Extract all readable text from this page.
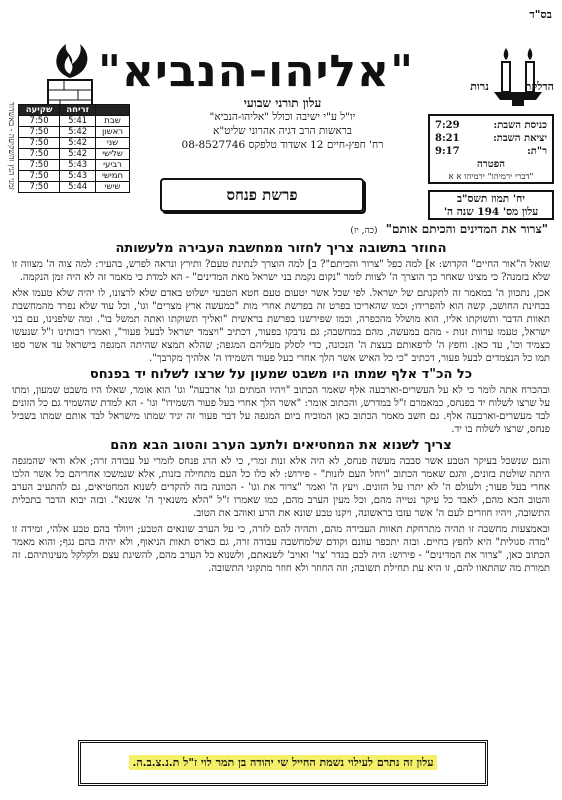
בס"ד
"אליהו-הנביא"	הדלקת נרות
עלון תורני שבועי
יו"ל ע"י ישיבה וכולל "אליהו-הנביא"
בראשות הרב דגיה אהרוני שליט"א
רח' חפץ-חיים 12 אשדוד טלפקס 08-8527746
כניסת השבת:
7:29
יציאת השבת:
8:21
ר"ת:
9:17
הפטרה
"דברי ירמיהו" ירמיהו א א
יח' תמוז תשס"ב
עלון מס' 194 שנה ה'
זמני הנץ והשקיעה - באשדוד
		זריחה	שקיעה
שבת	5:41	7:50
ראשון	5:42	7:50
שני	5:42	7:50
שלישי	5:42	7:50
רביעי	5:43	7:50
חמישי	5:43	7:50
שישי	5:44	7:50	פרשת פנחס
"צרור את המדינים והכיתם אותם" (כה, יז)
החוזר בתשובה צריך לחזור ממחשבת העבירה מלעשותה

שואל ה"אור החיים" הקדוש: א] למה כפל "צרור והכיתם"? ב] למה הוצרך לנתינת טעם? ותירץ ונראה לפרש, בהעיר: למה צוה ה' מצווה זו שלא בזמנה? כי מצינו שאחר כך הוצרך ה' לצוות לומר "נקום נקמת בני ישראל מאת המדינים" - הא למדת כי מאמר זה לא היה זמן הנקמה.

אכן, נתכוון ה' במאמר זה לתקנתם של ישראל. לפי שכל אשר יטעום טעם חטא הטבעי ישלוט באדם שלא לרצונו, לו יהיה שלא טעמו אלא בבחינת החושב, קשה הוא להפרידו; וכמו שהאריכו בפרט זה בפרשת אחרי מות "כמעשה ארץ מצרים" וגו', וכל עוד שלא נפרד מהמחשבת תאוות הדבר ותשוקתו אליו, הוא מושלל מהכפרה, וכמו שפירשנו בפרשת בראשית "ואליך תשוקתו ואתה תמשל בו". ומה שלפנינו, עם בני ישראל, טעמו ערוות זנות - מהם במעשה, מהם במחשבה; גם נדבקו בפעור, דכתיב "ויצמד ישראל לבעל פעור", ואמרו רבותינו ז"ל שנעשו כצמיד וכו', עד כאן. וחפץ ה' לרפאותם בעצת ה' הנכונה, כדי לסלק מעליהם המגפה; שהלא תמצא שהיתה המגפה בישראל עד אשר ספו תמו כל הנצמדים לבעל פעור, דכתיב "כי כל האיש אשר הלך אחרי בעל פעור השמידו ה' אלהיך מקרבך".

כל הכ"ד אלף שמתו היו משבט שמעון על שרצו לשלוח יד בפנחס

ובהכרח אתה לומר כי לא על העשרים-וארבעה אלף שאמר הכתוב "ויהיו המתים וגו' ארבעה" וגו' הוא אומר, שאלו היו משבט שמעון, ומתו על שרצו לשלוח יד בפנחס, כמאמרם ז"ל במדרש, והכתוב אומר: "אשר הלך אחרי בעל פעור השמידו" וגו' - הא למדת שהשמיד גם כל הזונים לבד מעשרים-וארבעה אלף. גם חשב מאמר הכתוב כאן המוכיח ביום המגפה על דבר פעור זה יגיד שמתו מישראל לבד אותם שמתו בשביל פנחס, שרצו לשלוח בו יד.

צריך לשנוא את המחטיאים ולתעב הערב והטוב הבא מהם

והנם שנשכל בעיקר הטבע אשר סבבה מעשה פנחס, לא היה אלא זנות זמרי, כי לא הרג פנחס לזמרי על עבודה זרה; אלא ודאי שהמגפה היתה שולטת בזונים, והגם שאמר הכתוב "ויחל העם לזנות" - פירוש: לא כלו כל העם מתחילה בזנות, אלא שנמשכו אחריהם כל אשר הלכו אחרי בעל פעור; ולעולם ה' לא יתרו על הזונים. ויעץ ה' ואמר "צרור את וגו' - הכוונה בזה להקדים לשנוא המחטיאים, גם להתעיב הערב והטוב הבא מהם, לאבד כל עיקר נטייה מהם, וכל מעין הערב מהם, כמו שאמרו ז"ל "הלא משנאיך ה' אשנא". ובזה יבוא הדבר בתכלית התשובה, ויהיו חוזרים לעם ה' אשר עזבו בראשונה, ויקנו טבע שונא את הרע ואוהב את הטוב.

ובאמצעות מחשבה זו תהיה מתרחקת תאוות העבירה מהם, ותהיה להם לזרה, כי על הערב שונאים הטבע; ויוולד בהם טבע אלהי, ומידה זו "מדה סגולית" היא לחפץ בחיים. ובזה יתכפר עוונם וקודם שלמחשבה עבודה זרה, גם כארס תאות הניאוף, ולא יהיה בהם נגף; והוא מאמר הכתוב כאן, "צרור את המדינים" - פירוש: היה לכם בגדר 'צר' ואויב' לשנאתם, ולשנוא כל הערב מהם, להשיגת עצם ולקלקל מעינותיהם. זה תמורת מה שהתאוו להם, זו היא עת תחילת תשובה; וזה החוזר ולא חוזר מתקוני התשובה.

עלון זה נתרם לעילוי נשמת החייל שי יהודה בן תמר לוי ז"ל ת.נ.צ.ב.ה.
